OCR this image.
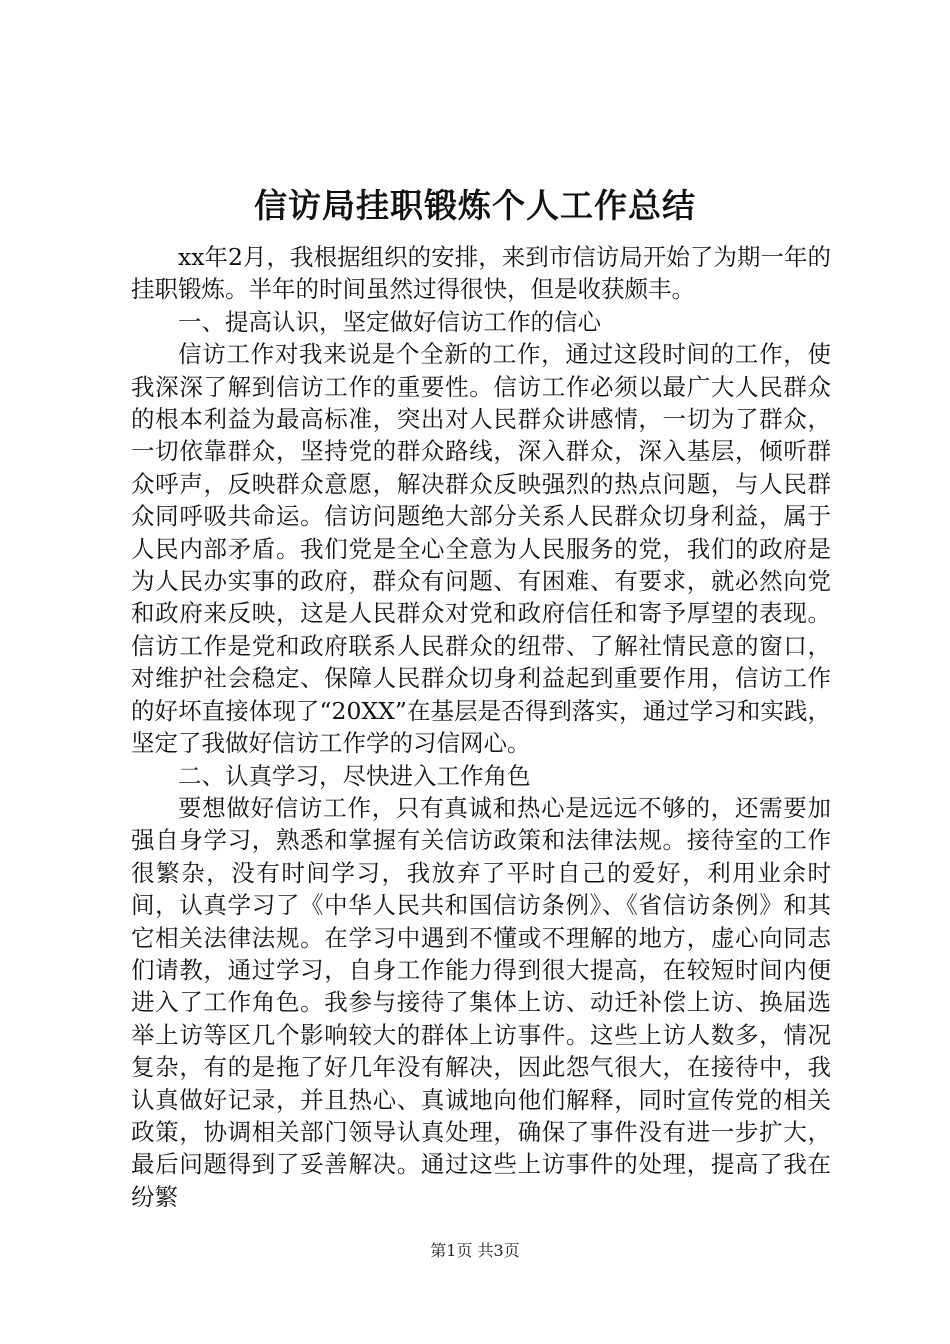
信访局挂职锻炼个人工作总结

xx年2月，我根据组织的安排，来到市信访局开始了为期一年的挂职锻炼。半年的时间虽然过得很快，但是收获颇丰。

一、提高认识，坚定做好信访工作的信心

信访工作对我来说是个全新的工作，通过这段时间的工作，使我深深了解到信访工作的重要性。信访工作必须以最广大人民群众的根本利益为最高标准，突出对人民群众讲感情，一切为了群众，一切依靠群众，坚持党的群众路线，深入群众，深入基层，倾听群众呼声，反映群众意愿，解决群众反映强烈的热点问题，与人民群众同呼吸共命运。信访问题绝大部分关系人民群众切身利益，属于人民内部矛盾。我们党是全心全意为人民服务的党，我们的政府是为人民办实事的政府，群众有问题、有困难、有要求，就必然向党和政府来反映，这是人民群众对党和政府信任和寄予厚望的表现。信访工作是党和政府联系人民群众的纽带、了解社情民意的窗口，对维护社会稳定、保障人民群众切身利益起到重要作用，信访工作的好坏直接体现了“20XX”在基层是否得到落实，通过学习和实践，坚定了我做好信访工作学的习信网心。

二、认真学习，尽快进入工作角色

要想做好信访工作，只有真诚和热心是远远不够的，还需要加强自身学习，熟悉和掌握有关信访政策和法律法规。接待室的工作很繁杂，没有时间学习，我放弃了平时自己的爱好，利用业余时间，认真学习了《中华人民共和国信访条例》、《省信访条例》和其它相关法律法规。在学习中遇到不懂或不理解的地方，虚心向同志们请教，通过学习，自身工作能力得到很大提高，在较短时间内便进入了工作角色。我参与接待了集体上访、动迁补偿上访、换届选举上访等区几个影响较大的群体上访事件。这些上访人数多，情况复杂，有的是拖了好几年没有解决，因此怨气很大，在接待中，我认真做好记录，并且热心、真诚地向他们解释，同时宣传党的相关政策，协调相关部门领导认真处理，确保了事件没有进一步扩大，最后问题得到了妥善解决。通过这些上访事件的处理，提高了我在纷繁

第1页 共3页
